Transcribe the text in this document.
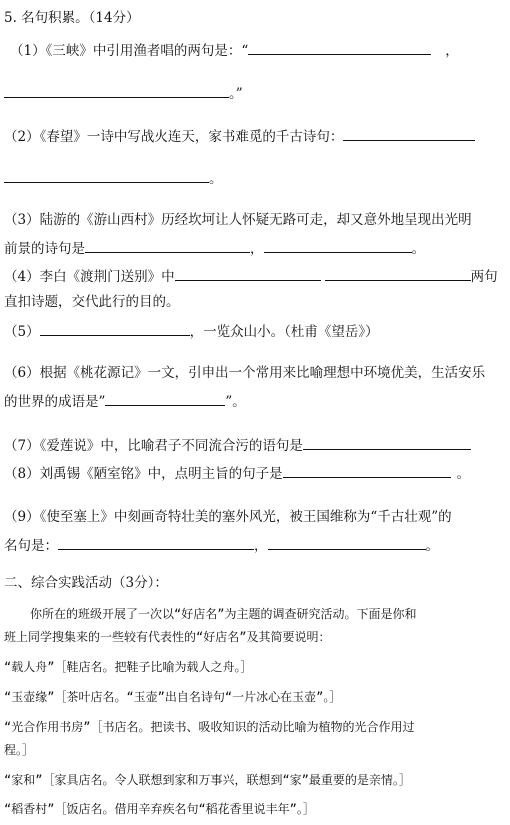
5. 名句积累。（14分）
（1）《三峡》中引用渔者唱的两句是：“	，
。”
（2）《春望》一诗中写战火连天，家书难觅的千古诗句：
。
（3）陆游的《游山西村》历经坎坷让人怀疑无路可走，却又意外地呈现出光明
前景的诗句是	，	。
（4）李白《渡荆门送别》中	两句
直扣诗题，交代此行的目的。
（5）	，一览众山小。（杜甫《望岳》）
（6）根据《桃花源记》一文，引申出一个常用来比喻理想中环境优美，生活安乐
的世界的成语是”	”。
（7）《爱莲说》中，比喻君子不同流合污的语句是
（8）刘禹锡《陋室铭》中，点明主旨的句子是	。
（9）《使至塞上》中刻画奇特壮美的塞外风光，被王国维称为“千古壮观”的
名句是：	，	。
二、综合实践活动（3分）：
你所在的班级开展了一次以“好店名”为主题的调查研究活动。下面是你和
班上同学搜集来的一些较有代表性的“好店名”及其简要说明：
“载人舟”［鞋店名。把鞋子比喻为载人之舟。］
“玉壶缘”［茶叶店名。“玉壶”出自名诗句“一片冰心在玉壶”。］
“光合作用书房”［书店名。把读书、吸收知识的活动比喻为植物的光合作用过
程。］
“家和”［家具店名。令人联想到家和万事兴，联想到“家”最重要的是亲情。］
“稻香村”［饭店名。借用辛弃疾名句“稻花香里说丰年”。］
